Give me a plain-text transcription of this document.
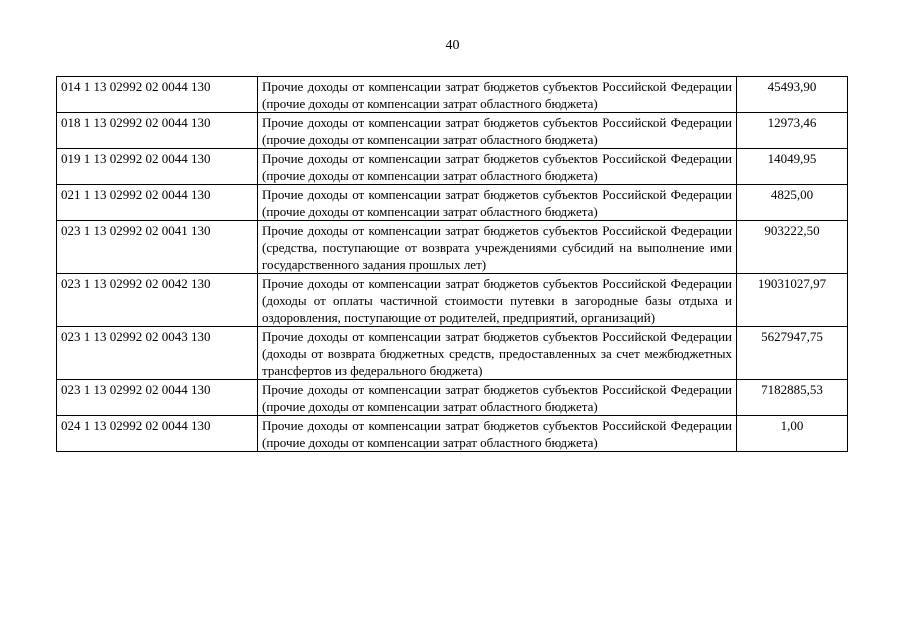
40
014 1 13 02992 02 0044 130	Прочие доходы от компенсации затрат бюджетов субъектов Российской Федерации (прочие доходы от компенсации затрат областного бюджета)	45493,90
018 1 13 02992 02 0044 130	Прочие доходы от компенсации затрат бюджетов субъектов Российской Федерации (прочие доходы от компенсации затрат областного бюджета)	12973,46
019 1 13 02992 02 0044 130	Прочие доходы от компенсации затрат бюджетов субъектов Российской Федерации (прочие доходы от компенсации затрат областного бюджета)	14049,95
021 1 13 02992 02 0044 130	Прочие доходы от компенсации затрат бюджетов субъектов Российской Федерации (прочие доходы от компенсации затрат областного бюджета)	4825,00
023 1 13 02992 02 0041 130	Прочие доходы от компенсации затрат бюджетов субъектов Российской Федерации (средства, поступающие от возврата учреждениями субсидий на выполнение ими государственного задания прошлых лет)	903222,50
023 1 13 02992 02 0042 130	Прочие доходы от компенсации затрат бюджетов субъектов Российской Федерации (доходы от оплаты частичной стоимости путевки в загородные базы отдыха и оздоровления, поступающие от родителей, предприятий, организаций)	19031027,97
023 1 13 02992 02 0043 130	Прочие доходы от компенсации затрат бюджетов субъектов Российской Федерации (доходы от возврата бюджетных средств, предоставленных за счет межбюджетных трансфертов из федерального бюджета)	5627947,75
023 1 13 02992 02 0044 130	Прочие доходы от компенсации затрат бюджетов субъектов Российской Федерации (прочие доходы от компенсации затрат областного бюджета)	7182885,53
024 1 13 02992 02 0044 130	Прочие доходы от компенсации затрат бюджетов субъектов Российской Федерации (прочие доходы от компенсации затрат областного бюджета)	1,00
